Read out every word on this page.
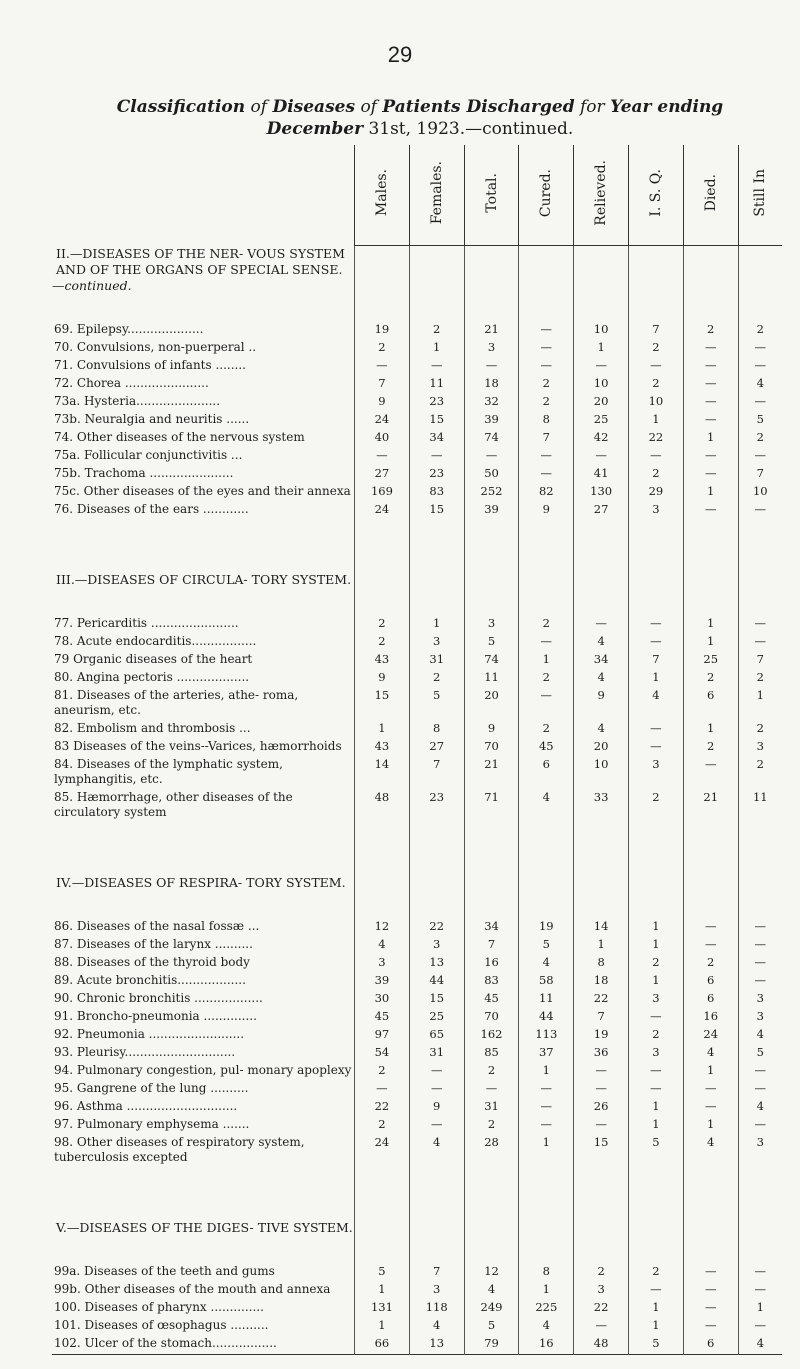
29
Classification of Diseases of Patients Discharged for Year ending
December 31st, 1923.—continued.
	Males.	Females.	Total.	Cured.	Relieved.	I. S. Q.	Died.	Still In

II.—DISEASES OF THE NER- VOUS SYSTEM AND OF THE ORGANS OF SPECIAL SENSE.
—continued.								

69. Epilepsy....................	19	2	21	—	10	7	2	2
70. Convulsions, non-puerperal ..	2	1	3	—	1	2	—	—
71. Convulsions of infants ........	—	—	—	—	—	—	—	—
72. Chorea ......................	7	11	18	2	10	2	—	4
73a. Hysteria......................	9	23	32	2	20	10	—	—
73b. Neuralgia and neuritis ......	24	15	39	8	25	1	—	5
74. Other diseases of the nervous system	40	34	74	7	42	22	1	2
75a. Follicular conjunctivitis ...	—	—	—	—	—	—	—	—
75b. Trachoma ......................	27	23	50	—	41	2	—	7
75c. Other diseases of the eyes and their annexa	169	83	252	82	130	29	1	10
76. Diseases of the ears ............	24	15	39	9	27	3	—	—

III.—DISEASES OF CIRCULA- TORY SYSTEM.								

77. Pericarditis .......................	2	1	3	2	—	—	1	—
78. Acute endocarditis.................	2	3	5	—	4	—	1	—
79 Organic diseases of the heart	43	31	74	1	34	7	25	7
80. Angina pectoris ...................	9	2	11	2	4	1	2	2
81. Diseases of the arteries, athe- roma, aneurism, etc.	15	5	20	—	9	4	6	1
82. Embolism and thrombosis ...	1	8	9	2	4	—	1	2
83 Diseases of the veins--Varices, hæmorrhoids	43	27	70	45	20	—	2	3
84. Diseases of the lymphatic system, lymphangitis, etc.	14	7	21	6	10	3	—	2
85. Hæmorrhage, other diseases of the circulatory system	48	23	71	4	33	2	21	11

IV.—DISEASES OF RESPIRA- TORY SYSTEM.								

86. Diseases of the nasal fossæ ...	12	22	34	19	14	1	—	—
87. Diseases of the larynx ..........	4	3	7	5	1	1	—	—
88. Diseases of the thyroid body	3	13	16	4	8	2	2	—
89. Acute bronchitis..................	39	44	83	58	18	1	6	—
90. Chronic bronchitis ..................	30	15	45	11	22	3	6	3
91. Broncho-pneumonia ..............	45	25	70	44	7	—	16	3
92. Pneumonia .........................	97	65	162	113	19	2	24	4
93. Pleurisy.............................	54	31	85	37	36	3	4	5
94. Pulmonary congestion, pul- monary apoplexy	2	—	2	1	—	—	1	—
95. Gangrene of the lung ..........	—	—	—	—	—	—	—	—
96. Asthma .............................	22	9	31	—	26	1	—	4
97. Pulmonary emphysema .......	2	—	2	—	—	1	1	—
98. Other diseases of respiratory system, tuberculosis excepted	24	4	28	1	15	5	4	3

V.—DISEASES OF THE DIGES- TIVE SYSTEM.								

99a. Diseases of the teeth and gums	5	7	12	8	2	2	—	—
99b. Other diseases of the mouth and annexa	1	3	4	1	3	—	—	—
100. Diseases of pharynx ..............	131	118	249	225	22	1	—	1
101. Diseases of œsophagus ..........	1	4	5	4	—	1	—	—
102. Ulcer of the stomach.................	66	13	79	16	48	5	6	4
